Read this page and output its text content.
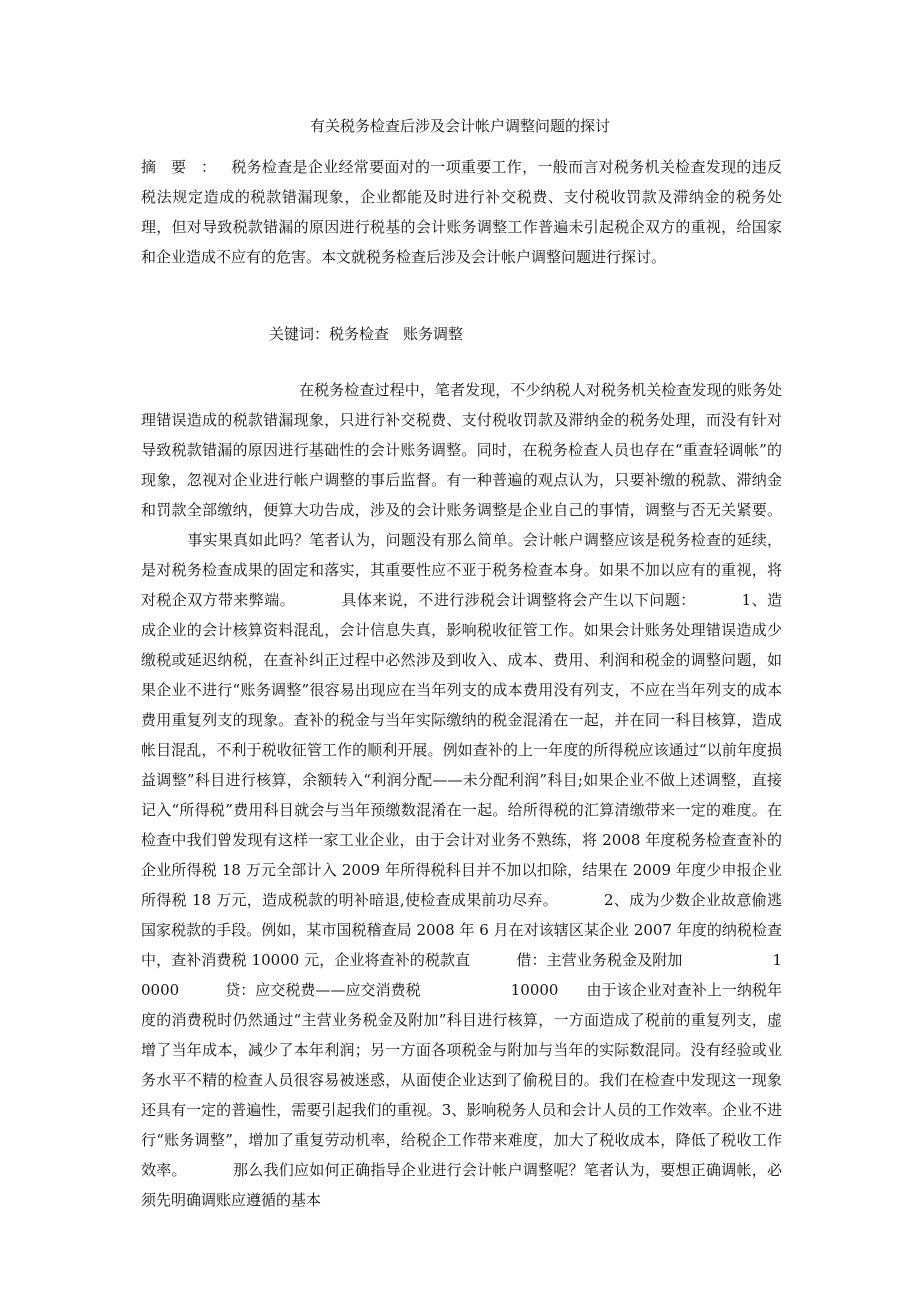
有关税务检查后涉及会计帐户调整问题的探讨

摘要：税务检查是企业经常要面对的一项重要工作，一般而言对税务机关检查发现的违反税法规定造成的税款错漏现象，企业都能及时进行补交税费、支付税收罚款及滞纳金的税务处理，但对导致税款错漏的原因进行税基的会计账务调整工作普遍未引起税企双方的重视，给国家和企业造成不应有的危害。本文就税务检查后涉及会计帐户调整问题进行探讨。

关键词：税务检查 账务调整

在税务检查过程中，笔者发现，不少纳税人对税务机关检查发现的账务处理错误造成的税款错漏现象，只进行补交税费、支付税收罚款及滞纳金的税务处理，而没有针对导致税款错漏的原因进行基础性的会计账务调整。同时，在税务检查人员也存在“重查轻调帐”的现象，忽视对企业进行帐户调整的事后监督。有一种普遍的观点认为，只要补缴的税款、滞纳金和罚款全部缴纳，便算大功告成，涉及的会计账务调整是企业自己的事情，调整与否无关紧要。事实果真如此吗？笔者认为，问题没有那么简单。会计帐户调整应该是税务检查的延续，是对税务检查成果的固定和落实，其重要性应不亚于税务检查本身。如果不加以应有的重视，将对税企双方带来弊端。	具体来说，不进行涉税会计调整将会产生以下问题：	1、造成企业的会计核算资料混乱，会计信息失真，影响税收征管工作。如果会计账务处理错误造成少缴税或延迟纳税，在查补纠正过程中必然涉及到收入、成本、费用、利润和税金的调整问题，如果企业不进行“账务调整”很容易出现应在当年列支的成本费用没有列支，不应在当年列支的成本费用重复列支的现象。查补的税金与当年实际缴纳的税金混淆在一起，并在同一科目核算，造成帐目混乱，不利于税收征管工作的顺利开展。例如查补的上一年度的所得税应该通过“以前年度损益调整”科目进行核算，余额转入“利润分配——未分配利润”科目;如果企业不做上述调整，直接记入“所得税”费用科目就会与当年预缴数混淆在一起。给所得税的汇算清缴带来一定的难度。在检查中我们曾发现有这样一家工业企业，由于会计对业务不熟练，将 2008 年度税务检查查补的企业所得税 18 万元全部计入 2009 年所得税科目并不加以扣除，结果在 2009 年度少申报企业所得税 18 万元，造成税款的明补暗退,使检查成果前功尽弃。	2、成为少数企业故意偷逃国家税款的手段。例如，某市国税稽查局 2008 年 6 月在对该辖区某企业 2007 年度的纳税检查中，查补消费税 10000 元，企业将查补的税款直	借：主营业务税金及附加	10000	贷：应交税费——应交消费税	10000 由于该企业对查补上一纳税年度的消费税时仍然通过“主营业务税金及附加”科目进行核算，一方面造成了税前的重复列支，虚增了当年成本，减少了本年利润；另一方面各项税金与附加与当年的实际数混同。没有经验或业务水平不精的检查人员很容易被迷惑，从面使企业达到了偷税目的。我们在检查中发现这一现象还具有一定的普遍性，需要引起我们的重视。3、影响税务人员和会计人员的工作效率。企业不进行“账务调整”，增加了重复劳动机率，给税企工作带来难度，加大了税收成本，降低了税收工作效率。	那么我们应如何正确指导企业进行会计帐户调整呢？笔者认为，要想正确调帐，必须先明确调账应遵循的基本
